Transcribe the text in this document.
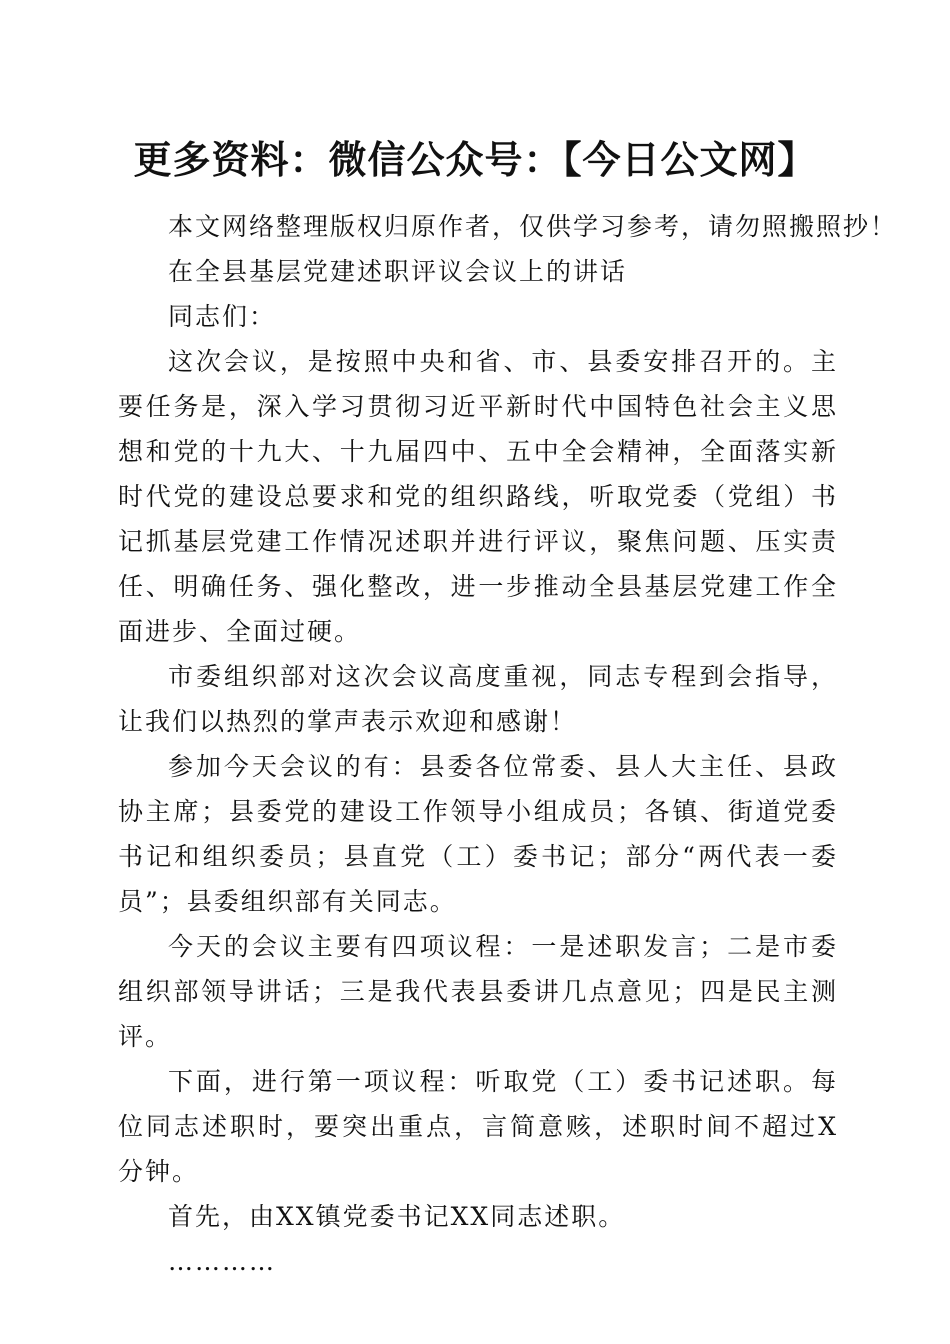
更多资料：微信公众号：【今日公文网】

本文网络整理版权归原作者，仅供学习参考，请勿照搬照抄！

在全县基层党建述职评议会议上的讲话

同志们：

这次会议，是按照中央和省、市、县委安排召开的。主要任务是，深入学习贯彻习近平新时代中国特色社会主义思想和党的十九大、十九届四中、五中全会精神，全面落实新时代党的建设总要求和党的组织路线，听取党委（党组）书记抓基层党建工作情况述职并进行评议，聚焦问题、压实责任、明确任务、强化整改，进一步推动全县基层党建工作全面进步、全面过硬。

市委组织部对这次会议高度重视，同志专程到会指导，让我们以热烈的掌声表示欢迎和感谢！

参加今天会议的有：县委各位常委、县人大主任、县政协主席；县委党的建设工作领导小组成员；各镇、街道党委书记和组织委员；县直党（工）委书记；部分“两代表一委员”；县委组织部有关同志。

今天的会议主要有四项议程：一是述职发言；二是市委组织部领导讲话；三是我代表县委讲几点意见；四是民主测评。

下面，进行第一项议程：听取党（工）委书记述职。每位同志述职时，要突出重点，言简意赅，述职时间不超过X分钟。

首先，由XX镇党委书记XX同志述职。

…………
